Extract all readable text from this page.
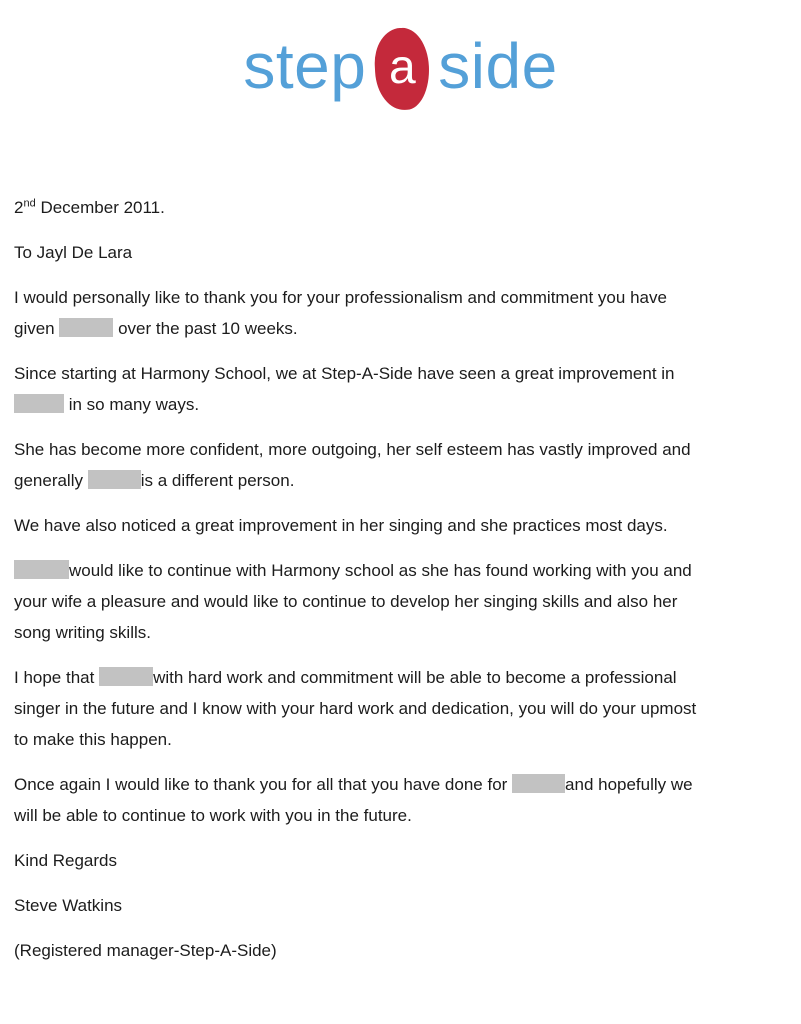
step a side
2nd December 2011.
To Jayl De Lara
I would personally like to thank you for your professionalism and commitment you have
given	over the past 10 weeks.
Since starting at Harmony School, we at Step-A-Side have seen a great improvement in
in so many ways.
She has become more confident, more outgoing, her self esteem has vastly improved and
generally	is a different person.
We have also noticed a great improvement in her singing and she practices most days.
would like to continue with Harmony school as she has found working with you and
your wife a pleasure and would like to continue to develop her singing skills and also her
song writing skills.
I hope that	with hard work and commitment will be able to become a professional
singer in the future and I know with your hard work and dedication, you will do your upmost
to make this happen.
Once again I would like to thank you for all that you have done for	and hopefully we
will be able to continue to work with you in the future.
Kind Regards
Steve Watkins
(Registered manager-Step-A-Side)
